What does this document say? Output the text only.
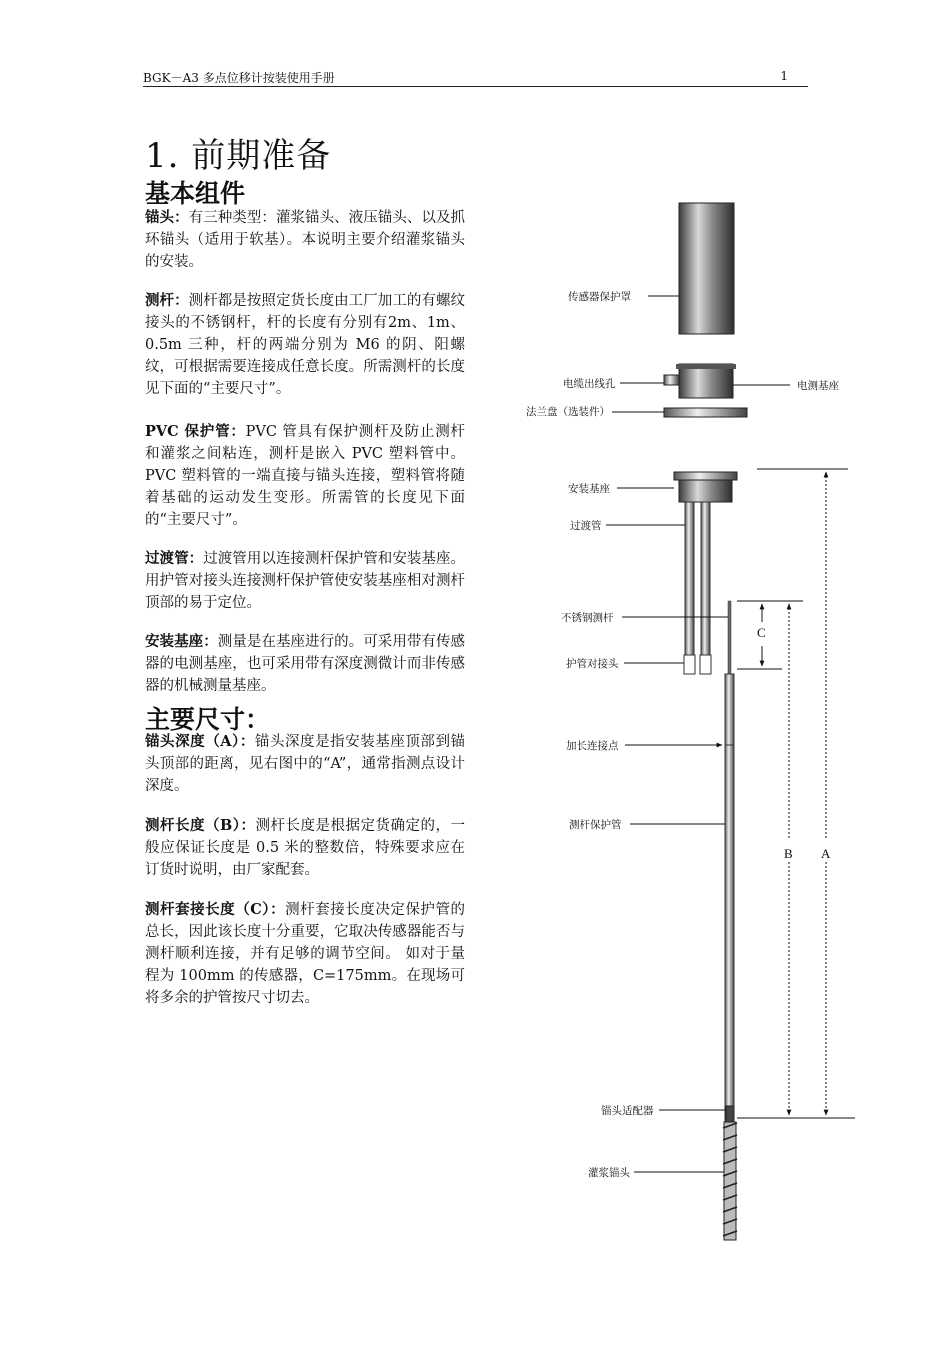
BGK－A3 多点位移计按装使用手册	1
1. 前期准备
基本组件
锚头：有三种类型：灌浆锚头、液压锚头、以及抓环锚头（适用于软基）。本说明主要介绍灌浆锚头的安装。
测杆：测杆都是按照定货长度由工厂加工的有螺纹接头的不锈钢杆，杆的长度有分别有2m、1m、0.5m 三种，杆的两端分别为 M6 的阴、阳螺纹，可根据需要连接成任意长度。所需测杆的长度见下面的“主要尺寸”。
PVC 保护管：PVC 管具有保护测杆及防止测杆和灌浆之间粘连，测杆是嵌入 PVC 塑料管中。PVC 塑料管的一端直接与锚头连接，塑料管将随着基础的运动发生变形。所需管的长度见下面的“主要尺寸”。
过渡管：过渡管用以连接测杆保护管和安装基座。用护管对接头连接测杆保护管使安装基座相对测杆顶部的易于定位。
安装基座：测量是在基座进行的。可采用带有传感器的电测基座，也可采用带有深度测微计而非传感器的机械测量基座。
主要尺寸：
锚头深度（A）：锚头深度是指安装基座顶部到锚头顶部的距离，见右图中的“A”，通常指测点设计深度。
测杆长度（B）：测杆长度是根据定货确定的，一般应保证长度是 0.5 米的整数倍，特殊要求应在订货时说明，由厂家配套。
测杆套接长度（C）：测杆套接长度决定保护管的总长，因此该长度十分重要，它取决传感器能否与测杆顺利连接，并有足够的调节空间。 如对于量程为 100mm 的传感器，C=175mm。在现场可将多余的护管按尺寸切去。
传感器保护罩
电缆出线孔	电测基座
法兰盘（选装件）
安装基座
过渡管
不锈钢测杆
护管对接头
加长连接点
测杆保护管
锚头适配器
灌浆锚头
C
B A
